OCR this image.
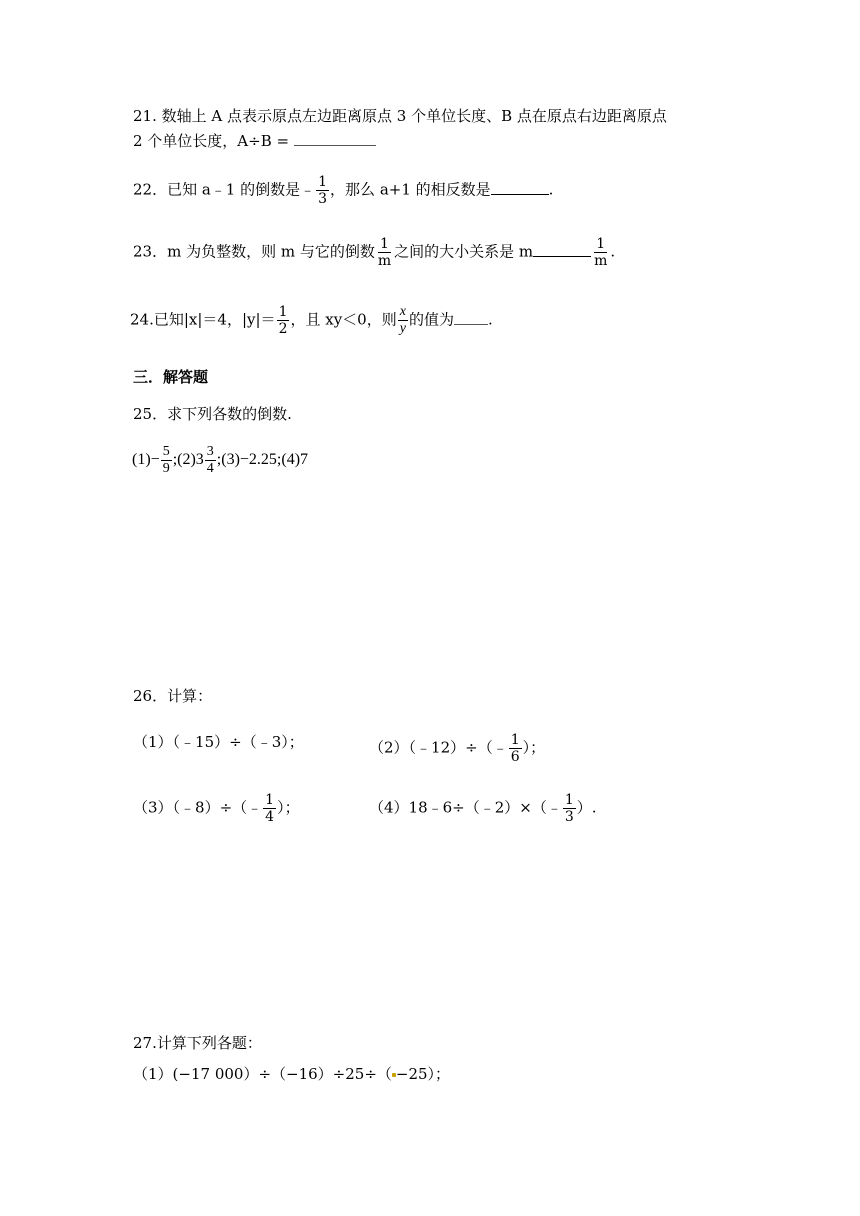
21. 数轴上 A 点表示原点左边距离原点 3 个单位长度、B 点在原点右边距离原点
2 个单位长度，A÷B =
22．已知 a﹣1 的倒数是﹣ $\frac{1}{3}$ ，那么 a+1 的相反数是	.
23．m 为负整数，则 m 与它的倒数 $\frac{1}{m}$ 之间的大小关系是 m	$\frac{1}{m}$ .
24.已知|x|＝4，$|y|= \frac{1}{2}$ ，且 xy＜0，则 $\frac{x}{y}$ 的值为 .
三．解答题
25．求下列各数的倒数.
$(1)- \frac{5}{9}$ ;(2)3 $\frac{3}{4}$ ;(3)−2.25;(4)7
26．计算：
（1）（﹣15）÷（﹣3）；	（2）（﹣12）÷（﹣ $\frac{1}{6}$ ）；
（3）（﹣8）÷（﹣ $\frac{1}{4}$ ）；	（4）18﹣6÷（﹣2）×（﹣ $\frac{1}{3}$ ）.
27.计算下列各题：
（1）(−17 000）÷（−16）÷25÷（ −25）；
